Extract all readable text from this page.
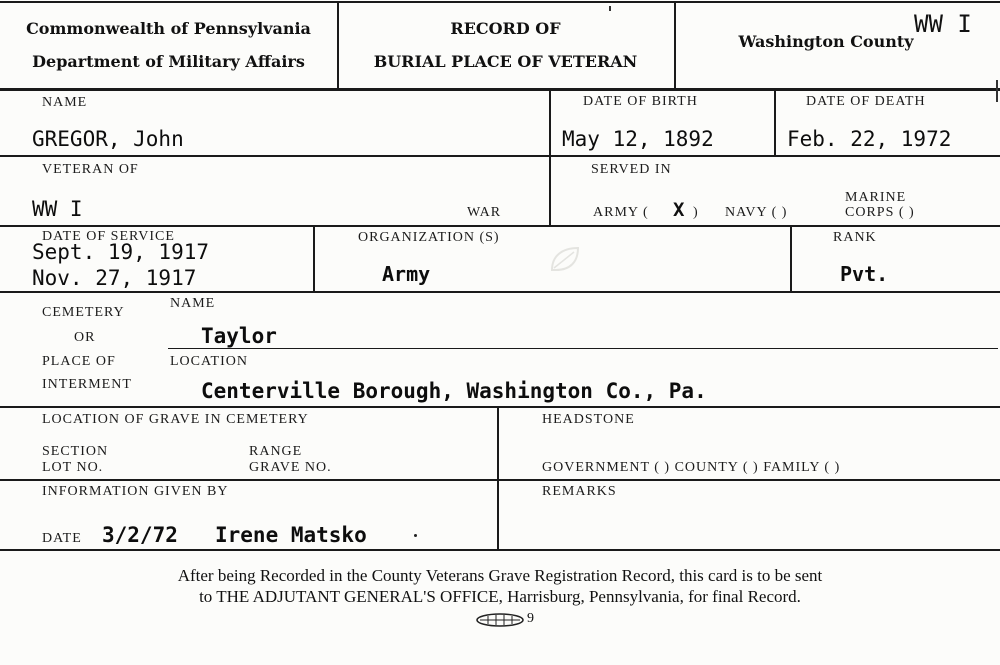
Commonwealth of Pennsylvania
Department of Military Affairs
RECORD OF
BURIAL PLACE OF VETERAN
Washington County
WW I
NAME
GREGOR, John
DATE OF BIRTH
May 12, 1892
DATE OF DEATH
Feb. 22, 1972
VETERAN OF
WW I	WAR
SERVED IN
ARMY ( X ) NAVY ( )
MARINE
CORPS ( )
DATE OF SERVICE
Sept. 19, 1917
Nov. 27, 1917
ORGANIZATION (S)
Army
RANK
Pvt.
CEMETERY
OR
PLACE OF
INTERMENT
NAME
Taylor
LOCATION
Centerville Borough, Washington Co., Pa.
LOCATION OF GRAVE IN CEMETERY
SECTION
LOT NO.
RANGE
GRAVE NO.
HEADSTONE
GOVERNMENT ( ) COUNTY ( ) FAMILY ( )
INFORMATION GIVEN BY
DATE 3/2/72 Irene Matsko
REMARKS
After being Recorded in the County Veterans Grave Registration Record, this card is to be sent
to THE ADJUTANT GENERAL'S OFFICE, Harrisburg, Pennsylvania, for final Record.
9
